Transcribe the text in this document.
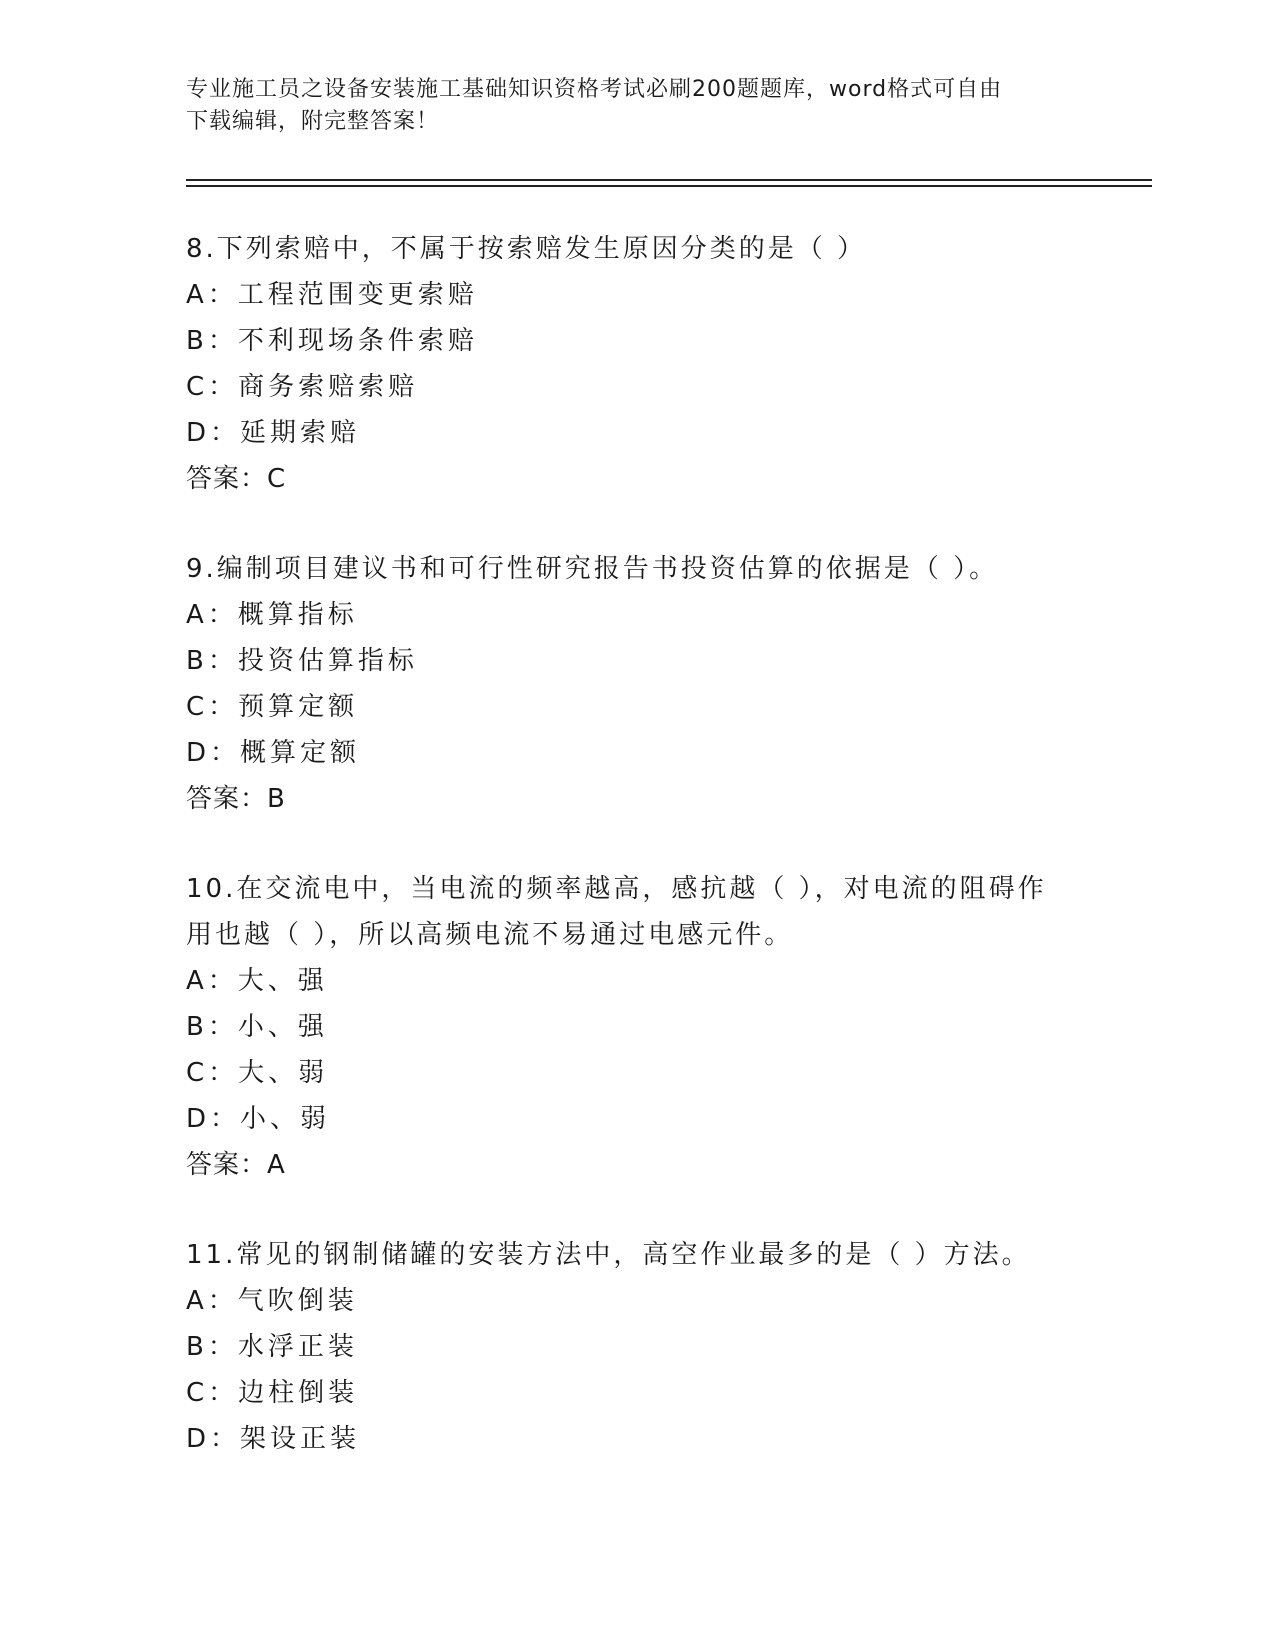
专业施工员之设备安装施工基础知识资格考试必刷200题题库，word格式可自由
下载编辑，附完整答案！
8.下列索赔中，不属于按索赔发生原因分类的是（ ）
A：工程范围变更索赔
B：不利现场条件索赔
C：商务索赔索赔
D：延期索赔
答案：C
9.编制项目建议书和可行性研究报告书投资估算的依据是（ ）。
A：概算指标
B：投资估算指标
C：预算定额
D：概算定额
答案：B
10.在交流电中，当电流的频率越高，感抗越（ ），对电流的阻碍作
用也越（ ），所以高频电流不易通过电感元件。
A：大、强
B：小、强
C：大、弱
D：小、弱
答案：A
11.常见的钢制储罐的安装方法中，高空作业最多的是（ ）方法。
A：气吹倒装
B：水浮正装
C：边柱倒装
D：架设正装
